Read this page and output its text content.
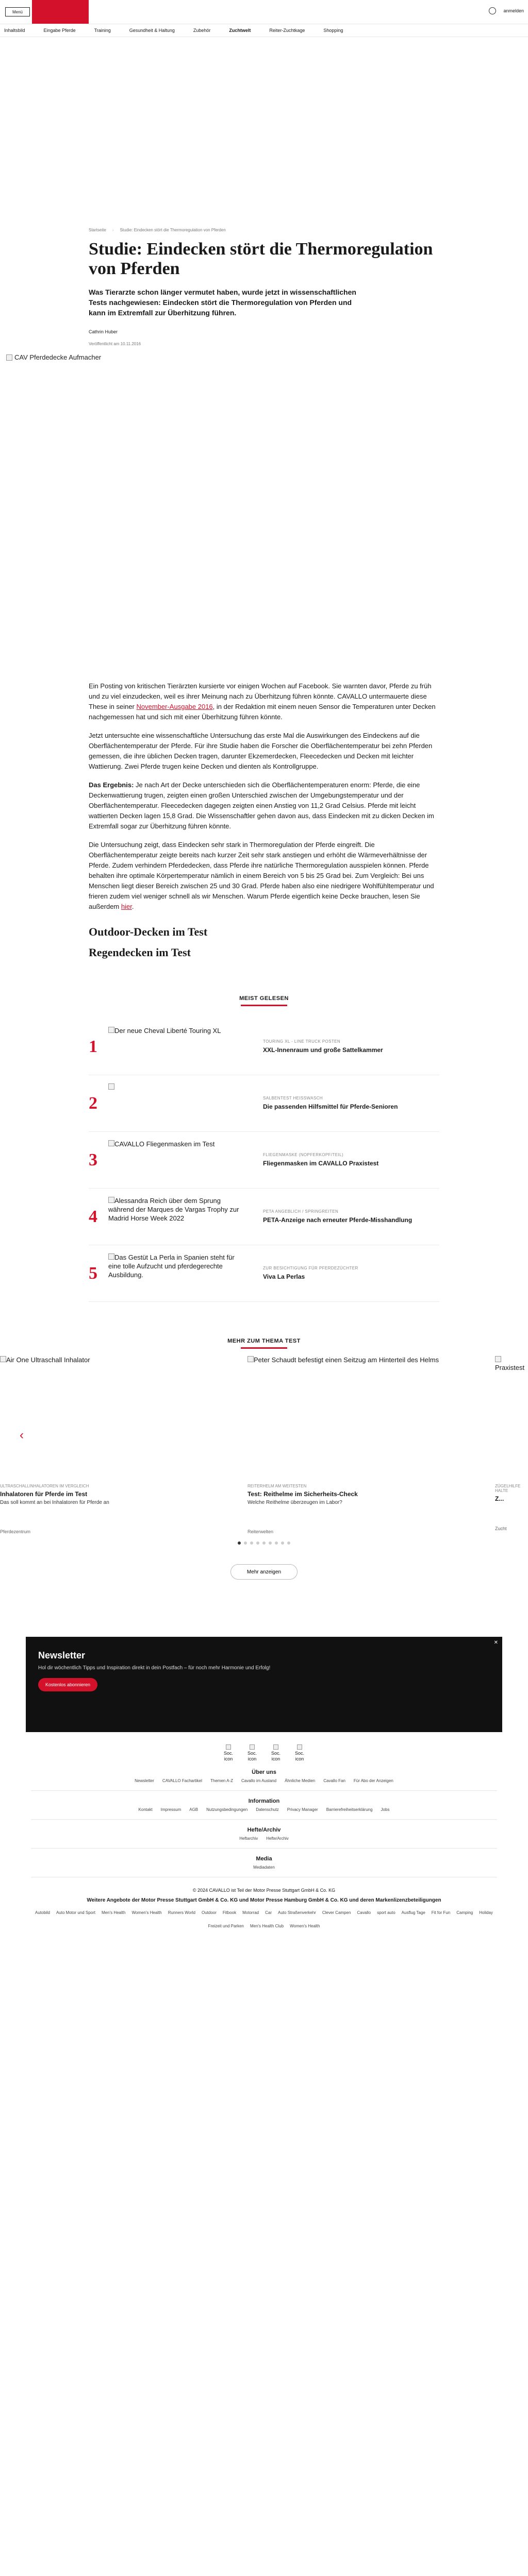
Menü	anmelden
Inhaltsbild	Eingabe Pferde	Training	Gesundheit & Haltung	Zubehör	Zuchtwelt	Reiter-Zuchtkage	Shopping
Startseite › Studie: Eindecken stört die Thermoregulation von Pferden
Studie: Eindecken stört die Thermoregulation von Pferden

Was Tierarzte schon länger vermutet haben, wurde jetzt in wissenschaftlichen Tests nachgewiesen: Eindecken stört die Thermoregulation von Pferden und kann im Extremfall zur Überhitzung führen.

Cathrin Huber
Veröffentlicht am 10.11.2016
CAV Pferdedecke Aufmacher

Ein Posting von kritischen Tierärzten kursierte vor einigen Wochen auf Facebook. Sie warnten davor, Pferde zu früh und zu viel einzudecken, weil es ihrer Meinung nach zu Überhitzung führen könnte. CAVALLO untermauerte diese These in seiner November-Ausgabe 2016, in der Redaktion mit einem neuen Sensor die Temperaturen unter Decken nachgemessen hat und sich mit einer Überhitzung führen könnte.

Jetzt untersuchte eine wissenschaftliche Untersuchung das erste Mal die Auswirkungen des Eindeckens auf die Oberflächentemperatur der Pferde. Für ihre Studie haben die Forscher die Oberflächentemperatur bei zehn Pferden gemessen, die ihre üblichen Decken tragen, darunter Ekzemerdecken, Fleecedecken und Decken mit leichter Wattierung. Zwei Pferde trugen keine Decken und dienten als Kontrollgruppe.

Das Ergebnis: Je nach Art der Decke unterschieden sich die Oberflächentemperaturen enorm: Pferde, die eine Deckenwattierung trugen, zeigten einen großen Unterschied zwischen der Umgebungstemperatur und der Oberflächentemperatur. Fleecedecken dagegen zeigten einen Anstieg von 11,2 Grad Celsius. Pferde mit leicht wattierten Decken lagen 15,8 Grad. Die Wissenschaftler gehen davon aus, dass Eindecken mit zu dicken Decken im Extremfall sogar zur Überhitzung führen könnte.

Die Untersuchung zeigt, dass Eindecken sehr stark in Thermoregulation der Pferde eingreift. Die Oberflächentemperatur zeigte bereits nach kurzer Zeit sehr stark anstiegen und erhöht die Wärmeverhältnisse der Pferde. Zudem verhindern Pferdedecken, dass Pferde ihre natürliche Thermoregulation ausspielen können. Pferde behalten ihre optimale Körpertemperatur nämlich in einem Bereich von 5 bis 25 Grad bei. Zum Vergleich: Bei uns Menschen liegt dieser Bereich zwischen 25 und 30 Grad. Pferde haben also eine niedrigere Wohlfühltemperatur und frieren zudem viel weniger schnell als wir Menschen. Warum Pferde eigentlich keine Decke brauchen, lesen Sie außerdem hier.

Outdoor-Decken im Test
Regendecken im Test
MEIST GELESEN
1
Der neue Cheval Liberté Touring XL
TOURING XL - LINE TRUCK POSTEN
XXL-Innenraum und große Sattelkammer
2	SALBENTEST HEISSWASCH
Die passenden Hilfsmittel für Pferde-Senioren
3
CAVALLO Fliegenmasken im Test
FLIEGENMASKE (NOPFERKOPF/TEIL)
Fliegenmasken im CAVALLO Praxistest
4
Alessandra Reich über dem Sprung während der Marques de Vargas Trophy zur Madrid Horse Week 2022
PETA ANGEBLICH / SPRINGREITEN
PETA-Anzeige nach erneuter Pferde-Misshandlung
5
Das Gestüt La Perla in Spanien steht für eine tolle Aufzucht und pferdegerechte Ausbildung.
ZUR BESICHTIGUNG FÜR PFERDEZÜCHTER
Viva La Perlas
MEHR ZUM THEMA TEST
‹
Air One Ultraschall Inhalator
ULTRASCHALLINHALATOREN IM VERGLEICH
Inhalatoren für Pferde im Test
Das soll kommt an bei Inhalatoren für Pferde an
Pferdezentrum
Peter Schaudt befestigt einen Seitzug am Hinterteil des Helms
REITERHELM AM WEITESTEN
Test: Reithelme im Sicherheits-Check
Welche Reithelme überzeugen im Labor?
Reiterwelten
Praxistest
ZÜGELHILFE HALTE
Z...
Zucht
Mehr anzeigen
✕
Newsletter

Hol dir wöchentlich Tipps und Inspiration direkt in dein Postfach – für noch mehr Harmonie und Erfolg!

Kostenlos abonnieren
Soc. icon
Soc. icon
Soc. icon
Soc. icon
Über uns
Newsletter CAVALLO Fachartikel Themen A-Z Cavallo im Ausland Ähnliche Medien Cavallo Fan Für Abo der Anzeigen
Information
Kontakt Impressum AGB Nutzungsbedingungen Datenschutz Privacy Manager Barrierefreiheitserklärung Jobs
Hefte/Archiv
Heftarchiv Hefte/Archiv
Media
Mediadaten
© 2024 CAVALLO ist Teil der Motor Presse Stuttgart GmbH & Co. KG
Weitere Angebote der Motor Presse Stuttgart GmbH & Co. KG und Motor Presse Hamburg GmbH & Co. KG und deren Markenlizenzbeteiligungen
Autobild Auto Motor und Sport Men's Health Women's Health Runners World Outdoor Fitbook Motorrad Car Auto Straßenverkehr Clever Campen Cavallo sport auto Ausflug Tage Fit for Fun Camping Holiday
Freizeit und Parken Men's Health Club Women's Health
